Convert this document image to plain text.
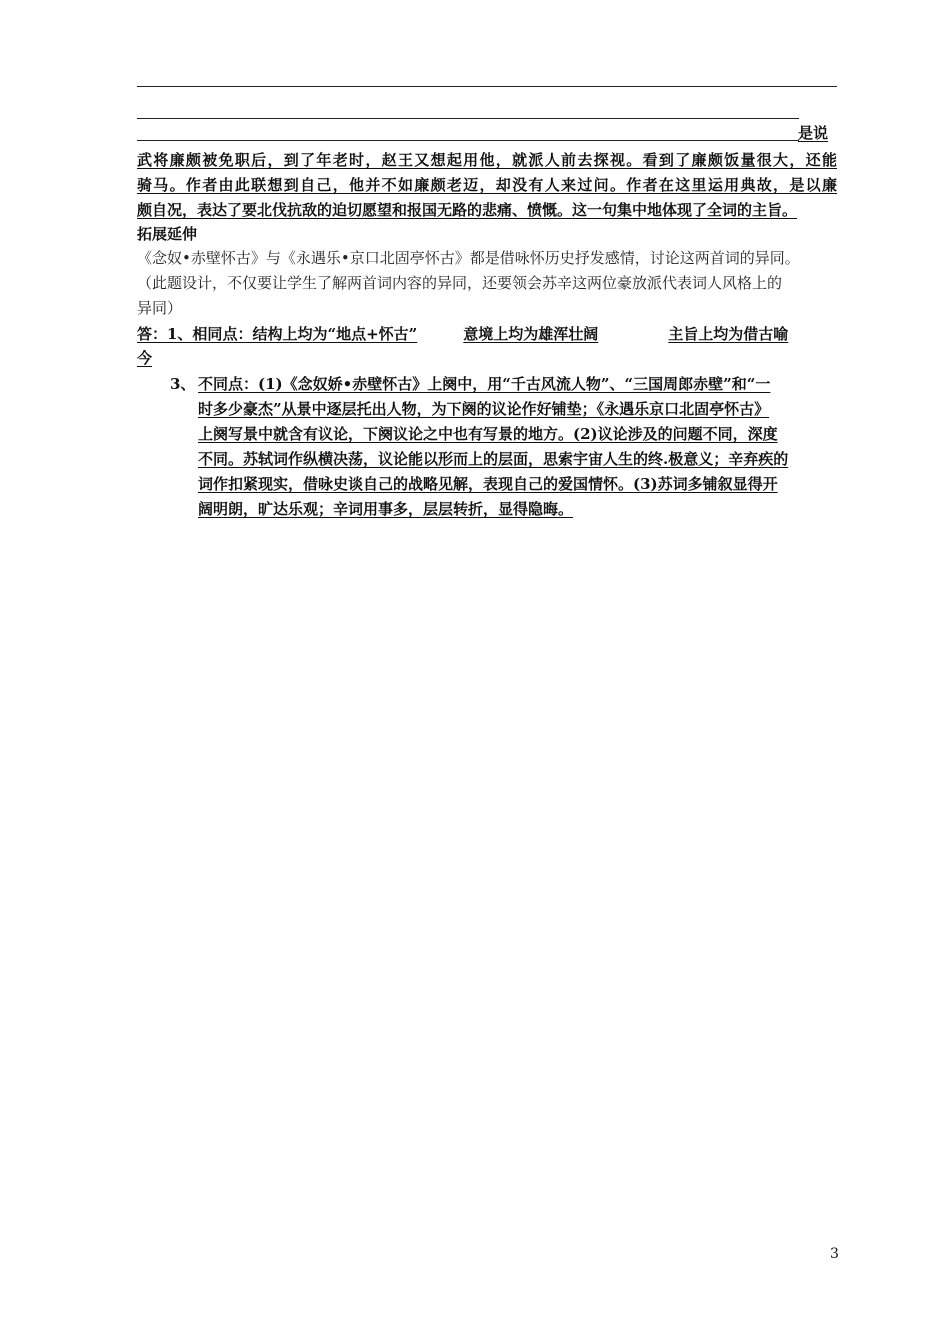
是说
武将廉颇被免职后，到了年老时，赵王又想起用他，就派人前去探视。看到了廉颇饭量很大，还能
骑马。作者由此联想到自己，他并不如廉颇老迈，却没有人来过问。作者在这里运用典故，是以廉
颇自况，表达了要北伐抗敌的迫切愿望和报国无路的悲痛、愤慨。这一句集中地体现了全词的主旨。
拓展延伸
《念奴•赤壁怀古》与《永遇乐•京口北固亭怀古》都是借咏怀历史抒发感情，讨论这两首词的异同。
（此题设计，不仅要让学生了解两首词内容的异同，还要领会苏辛这两位豪放派代表词人风格上的
异同）
答：1、相同点：结构上均为“地点+怀古”	意境上均为雄浑壮阔	主旨上均为借古喻
今
3、 不同点：(1)《念奴娇•赤壁怀古》上阕中，用“千古风流人物”、“三国周郎赤壁”和“一
时多少豪杰”从景中逐层托出人物，为下阕的议论作好铺垫；《永遇乐京口北固亭怀古》
上阕写景中就含有议论，下阕议论之中也有写景的地方。(2)议论涉及的问题不同，深度
不同。苏轼词作纵横决荡，议论能以形而上的层面，思索宇宙人生的终.极意义；辛弃疾的
词作扣紧现实，借咏史谈自己的战略见解，表现自己的爱国情怀。(3)苏词多铺叙显得开
阔明朗，旷达乐观；辛词用事多，层层转折，显得隐晦。
3
